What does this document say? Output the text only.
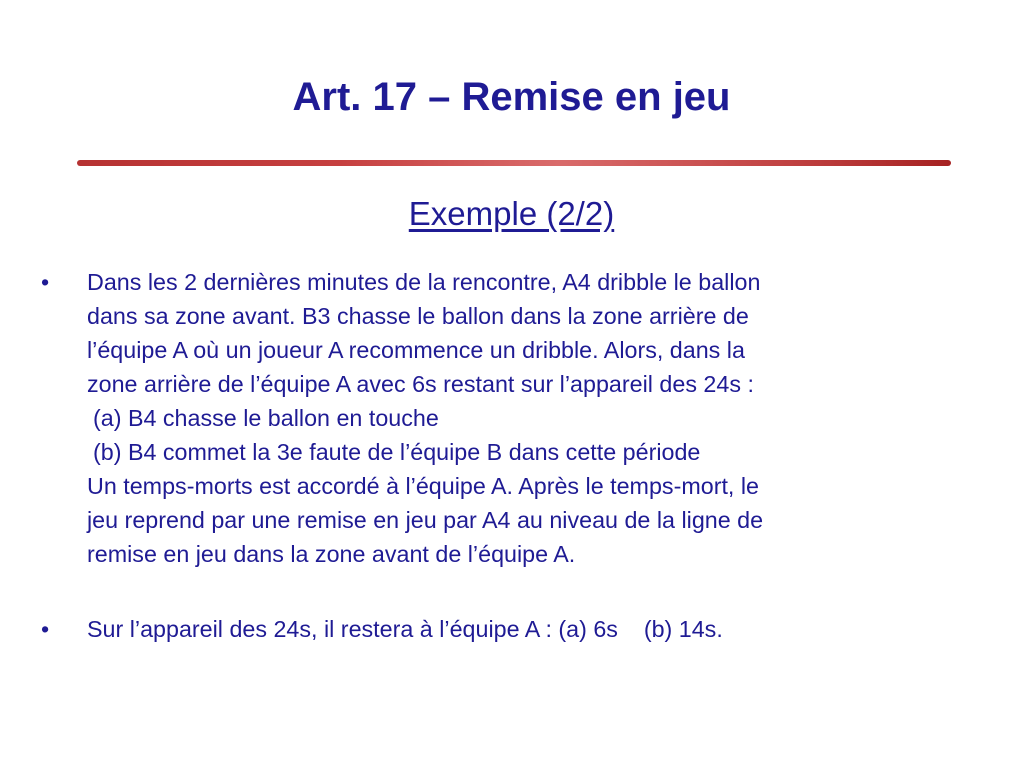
Art. 17 – Remise en jeu
Exemple (2/2)
• Dans les 2 dernières minutes de la rencontre, A4 dribble le ballon
dans sa zone avant. B3 chasse le ballon dans la zone arrière de
l’équipe A où un joueur A recommence un dribble. Alors, dans la
zone arrière de l’équipe A avec 6s restant sur l’appareil des 24s :
(a) B4 chasse le ballon en touche
(b) B4 commet la 3e faute de l’équipe B dans cette période
Un temps-morts est accordé à l’équipe A. Après le temps-mort, le
jeu reprend par une remise en jeu par A4 au niveau de la ligne de
remise en jeu dans la zone avant de l’équipe A.
• Sur l’appareil des 24s, il restera à l’équipe A : (a) 6s    (b) 14s.
